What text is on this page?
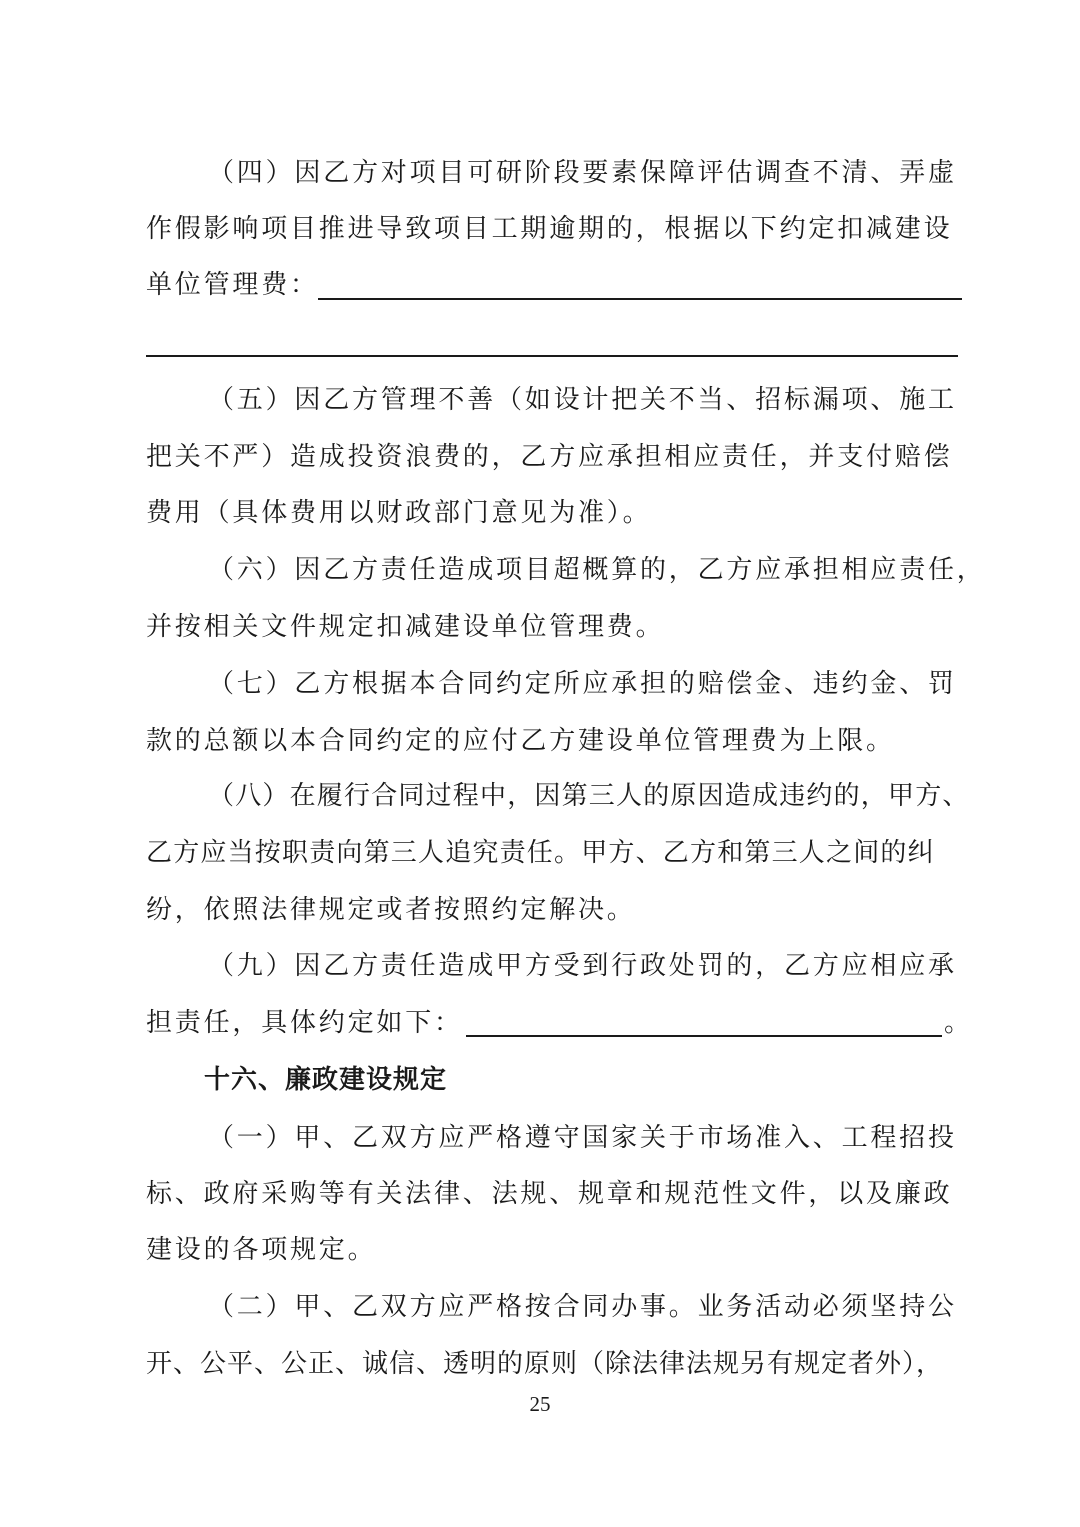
（四）因乙方对项目可研阶段要素保障评估调查不清、弄虚
作假影响项目推进导致项目工期逾期的，根据以下约定扣减建设
单位管理费：
（五）因乙方管理不善（如设计把关不当、招标漏项、施工
把关不严）造成投资浪费的，乙方应承担相应责任，并支付赔偿
费用（具体费用以财政部门意见为准）。
（六）因乙方责任造成项目超概算的，乙方应承担相应责任，
并按相关文件规定扣减建设单位管理费。
（七）乙方根据本合同约定所应承担的赔偿金、违约金、罚
款的总额以本合同约定的应付乙方建设单位管理费为上限。
（八）在履行合同过程中，因第三人的原因造成违约的，甲方、
乙方应当按职责向第三人追究责任。甲方、乙方和第三人之间的纠
纷，依照法律规定或者按照约定解决。
（九）因乙方责任造成甲方受到行政处罚的，乙方应相应承
担责任，具体约定如下：	。
十六、廉政建设规定
（一）甲、乙双方应严格遵守国家关于市场准入、工程招投
标、政府采购等有关法律、法规、规章和规范性文件，以及廉政
建设的各项规定。
（二）甲、乙双方应严格按合同办事。业务活动必须坚持公
开、公平、公正、诚信、透明的原则（除法律法规另有规定者外），
25
